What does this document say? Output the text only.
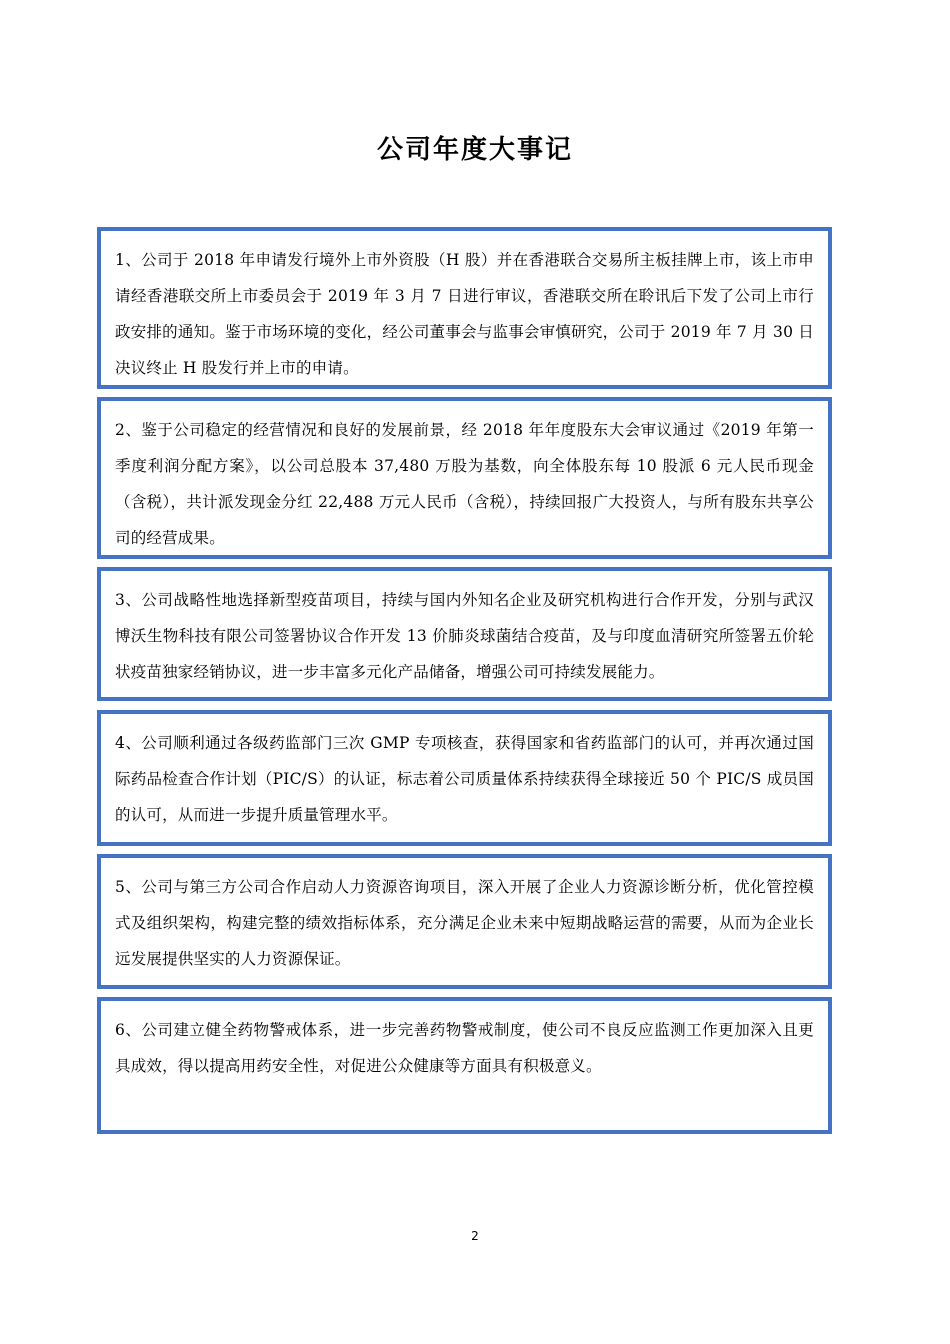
公司年度大事记

1、公司于 2018 年申请发行境外上市外资股（H 股）并在香港联合交易所主板挂牌上市，该上市申请经香港联交所上市委员会于 2019 年 3 月 7 日进行审议，香港联交所在聆讯后下发了公司上市行政安排的通知。鉴于市场环境的变化，经公司董事会与监事会审慎研究，公司于 2019 年 7 月 30 日决议终止 H 股发行并上市的申请。

2、鉴于公司稳定的经营情况和良好的发展前景，经 2018 年年度股东大会审议通过《2019 年第一季度利润分配方案》，以公司总股本 37,480 万股为基数，向全体股东每 10 股派 6 元人民币现金（含税），共计派发现金分红 22,488 万元人民币（含税），持续回报广大投资人，与所有股东共享公司的经营成果。

3、公司战略性地选择新型疫苗项目，持续与国内外知名企业及研究机构进行合作开发，分别与武汉博沃生物科技有限公司签署协议合作开发 13 价肺炎球菌结合疫苗，及与印度血清研究所签署五价轮状疫苗独家经销协议，进一步丰富多元化产品储备，增强公司可持续发展能力。

4、公司顺利通过各级药监部门三次 GMP 专项核查，获得国家和省药监部门的认可，并再次通过国际药品检查合作计划（PIC/S）的认证，标志着公司质量体系持续获得全球接近 50 个 PIC/S 成员国的认可，从而进一步提升质量管理水平。

5、公司与第三方公司合作启动人力资源咨询项目，深入开展了企业人力资源诊断分析，优化管控模式及组织架构，构建完整的绩效指标体系，充分满足企业未来中短期战略运营的需要，从而为企业长远发展提供坚实的人力资源保证。

6、公司建立健全药物警戒体系，进一步完善药物警戒制度，使公司不良反应监测工作更加深入且更具成效，得以提高用药安全性，对促进公众健康等方面具有积极意义。

2
